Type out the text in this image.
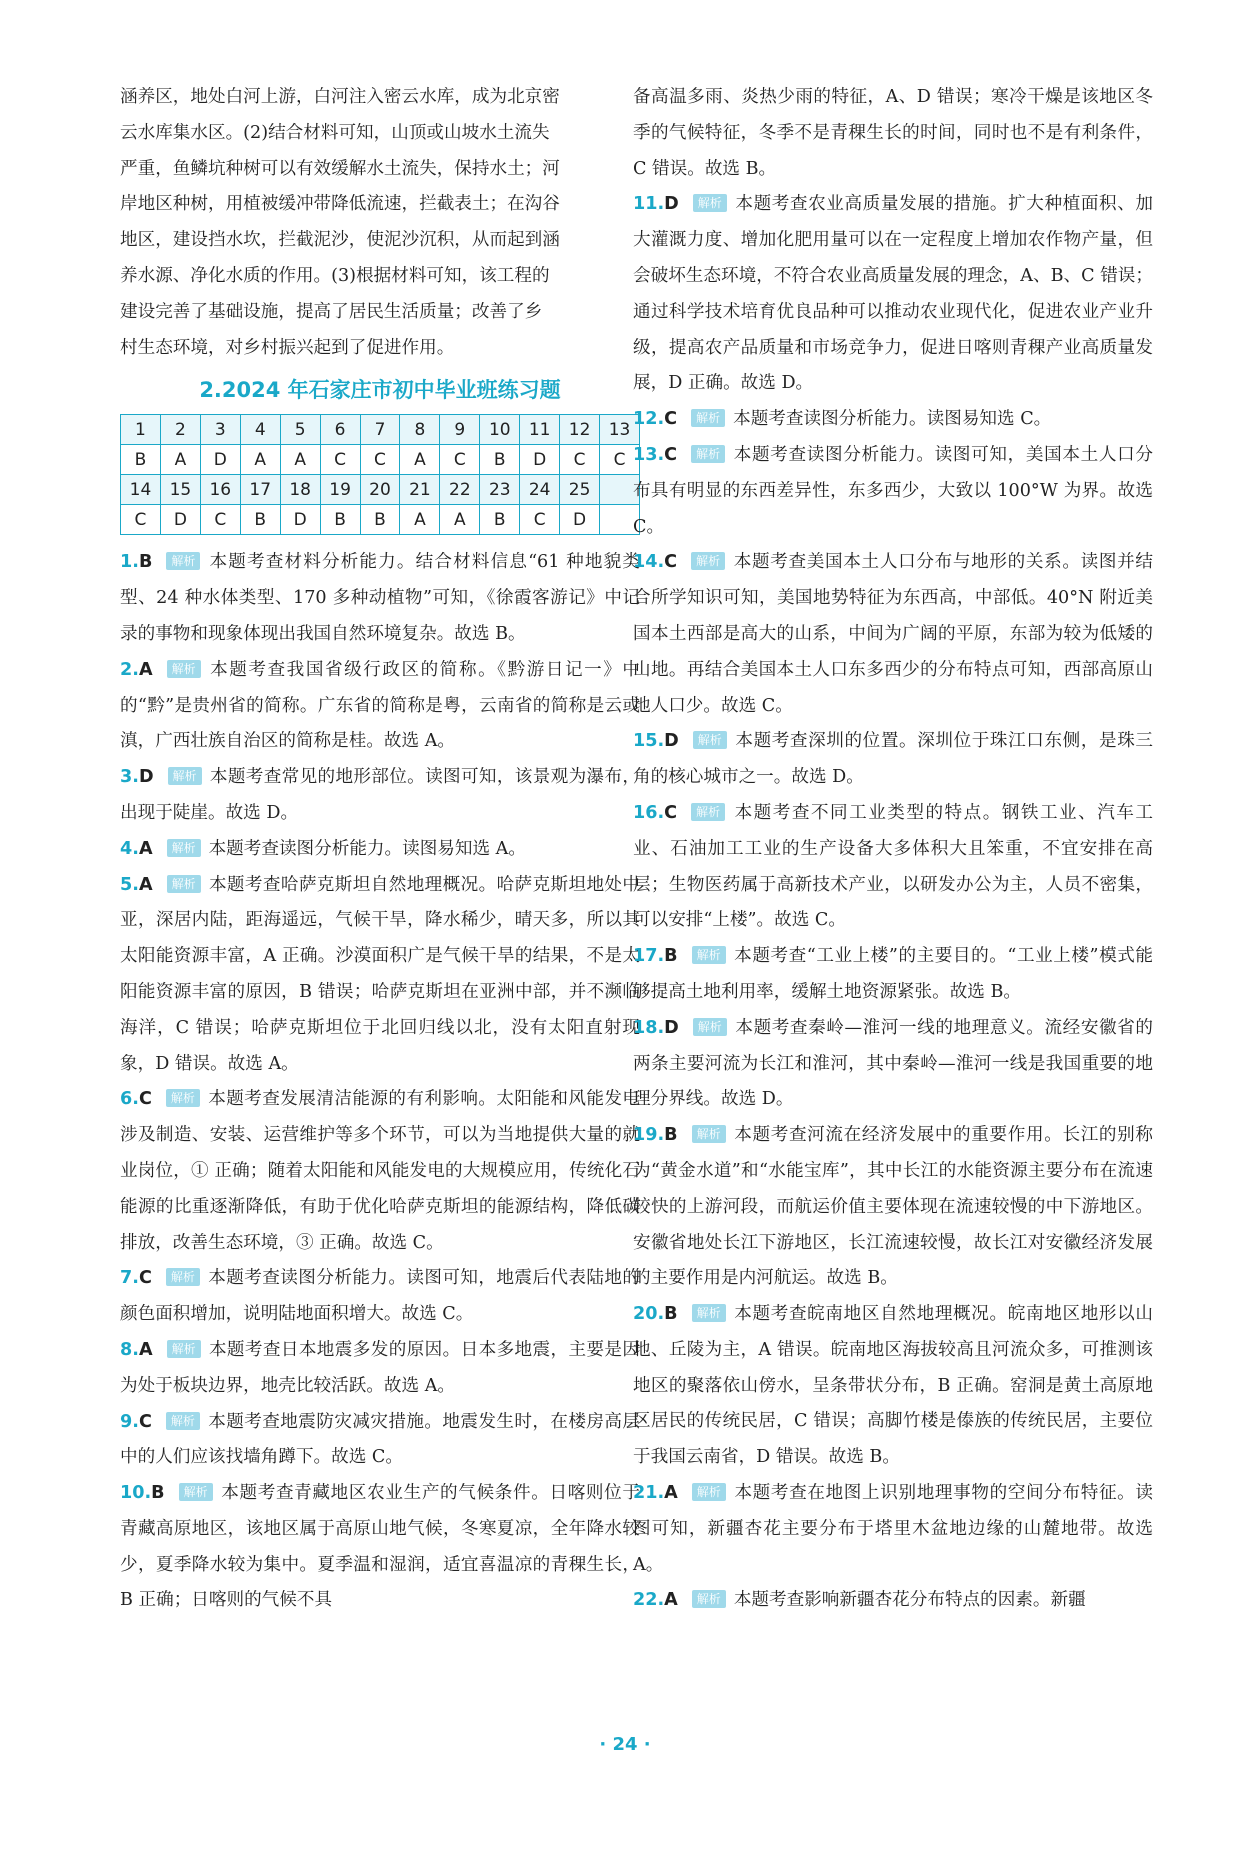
涵养区，地处白河上游，白河注入密云水库，成为北京密

云水库集水区。(2)结合材料可知，山顶或山坡水土流失

严重，鱼鳞坑种树可以有效缓解水土流失，保持水土；河

岸地区种树，用植被缓冲带降低流速，拦截表土；在沟谷

地区，建设挡水坎，拦截泥沙，使泥沙沉积，从而起到涵

养水源、净化水质的作用。(3)根据材料可知，该工程的

建设完善了基础设施，提高了居民生活质量；改善了乡

村生态环境，对乡村振兴起到了促进作用。

2.2024 年石家庄市初中毕业班练习题
1	2	3	4	5	6	7	8	9	10	11	12	13
B	A	D	A	A	C	C	A	C	B	D	C	C
14	15	16	17	18	19	20	21	22	23	24	25	
C	D	C	B	D	B	B	A	A	B	C	D	

1.B 解析 本题考查材料分析能力。结合材料信息“61 种地貌类型、24 种水体类型、170 多种动植物”可知，《徐霞客游记》中记录的事物和现象体现出我国自然环境复杂。故选 B。

2.A 解析 本题考查我国省级行政区的简称。《黔游日记一》中的“黔”是贵州省的简称。广东省的简称是粤，云南省的简称是云或滇，广西壮族自治区的简称是桂。故选 A。

3.D 解析 本题考查常见的地形部位。读图可知，该景观为瀑布，出现于陡崖。故选 D。

4.A 解析 本题考查读图分析能力。读图易知选 A。

5.A 解析 本题考查哈萨克斯坦自然地理概况。哈萨克斯坦地处中亚，深居内陆，距海遥远，气候干旱，降水稀少，晴天多，所以其太阳能资源丰富，A 正确。沙漠面积广是气候干旱的结果，不是太阳能资源丰富的原因，B 错误；哈萨克斯坦在亚洲中部，并不濒临海洋，C 错误；哈萨克斯坦位于北回归线以北，没有太阳直射现象，D 错误。故选 A。

6.C 解析 本题考查发展清洁能源的有利影响。太阳能和风能发电涉及制造、安装、运营维护等多个环节，可以为当地提供大量的就业岗位，① 正确；随着太阳能和风能发电的大规模应用，传统化石能源的比重逐渐降低，有助于优化哈萨克斯坦的能源结构，降低碳排放，改善生态环境，③ 正确。故选 C。

7.C 解析 本题考查读图分析能力。读图可知，地震后代表陆地的颜色面积增加，说明陆地面积增大。故选 C。

8.A 解析 本题考查日本地震多发的原因。日本多地震，主要是因为处于板块边界，地壳比较活跃。故选 A。

9.C 解析 本题考查地震防灾减灾措施。地震发生时，在楼房高层中的人们应该找墙角蹲下。故选 C。

10.B 解析 本题考查青藏地区农业生产的气候条件。日喀则位于青藏高原地区，该地区属于高原山地气候，冬寒夏凉，全年降水较少，夏季降水较为集中。夏季温和湿润，适宜喜温凉的青稞生长，B 正确；日喀则的气候不具

备高温多雨、炎热少雨的特征，A、D 错误；寒冷干燥是该地区冬季的气候特征，冬季不是青稞生长的时间，同时也不是有利条件，C 错误。故选 B。

11.D 解析 本题考查农业高质量发展的措施。扩大种植面积、加大灌溉力度、增加化肥用量可以在一定程度上增加农作物产量，但会破坏生态环境，不符合农业高质量发展的理念，A、B、C 错误；通过科学技术培育优良品种可以推动农业现代化，促进农业产业升级，提高农产品质量和市场竞争力，促进日喀则青稞产业高质量发展，D 正确。故选 D。

12.C 解析 本题考查读图分析能力。读图易知选 C。

13.C 解析 本题考查读图分析能力。读图可知，美国本土人口分布具有明显的东西差异性，东多西少，大致以 100°W 为界。故选 C。

14.C 解析 本题考查美国本土人口分布与地形的关系。读图并结合所学知识可知，美国地势特征为东西高，中部低。40°N 附近美国本土西部是高大的山系，中间为广阔的平原，东部为较为低矮的山地。再结合美国本土人口东多西少的分布特点可知，西部高原山地人口少。故选 C。

15.D 解析 本题考查深圳的位置。深圳位于珠江口东侧，是珠三角的核心城市之一。故选 D。

16.C 解析 本题考查不同工业类型的特点。钢铁工业、汽车工业、石油加工工业的生产设备大多体积大且笨重，不宜安排在高层；生物医药属于高新技术产业，以研发办公为主，人员不密集，可以安排“上楼”。故选 C。

17.B 解析 本题考查“工业上楼”的主要目的。“工业上楼”模式能够提高土地利用率，缓解土地资源紧张。故选 B。

18.D 解析 本题考查秦岭—淮河一线的地理意义。流经安徽省的两条主要河流为长江和淮河，其中秦岭—淮河一线是我国重要的地理分界线。故选 D。

19.B 解析 本题考查河流在经济发展中的重要作用。长江的别称为“黄金水道”和“水能宝库”，其中长江的水能资源主要分布在流速较快的上游河段，而航运价值主要体现在流速较慢的中下游地区。安徽省地处长江下游地区，长江流速较慢，故长江对安徽经济发展的主要作用是内河航运。故选 B。

20.B 解析 本题考查皖南地区自然地理概况。皖南地区地形以山地、丘陵为主，A 错误。皖南地区海拔较高且河流众多，可推测该地区的聚落依山傍水，呈条带状分布，B 正确。窑洞是黄土高原地区居民的传统民居，C 错误；高脚竹楼是傣族的传统民居，主要位于我国云南省，D 错误。故选 B。

21.A 解析 本题考查在地图上识别地理事物的空间分布特征。读图可知，新疆杏花主要分布于塔里木盆地边缘的山麓地带。故选 A。

22.A 解析 本题考查影响新疆杏花分布特点的因素。新疆

· 24 ·
